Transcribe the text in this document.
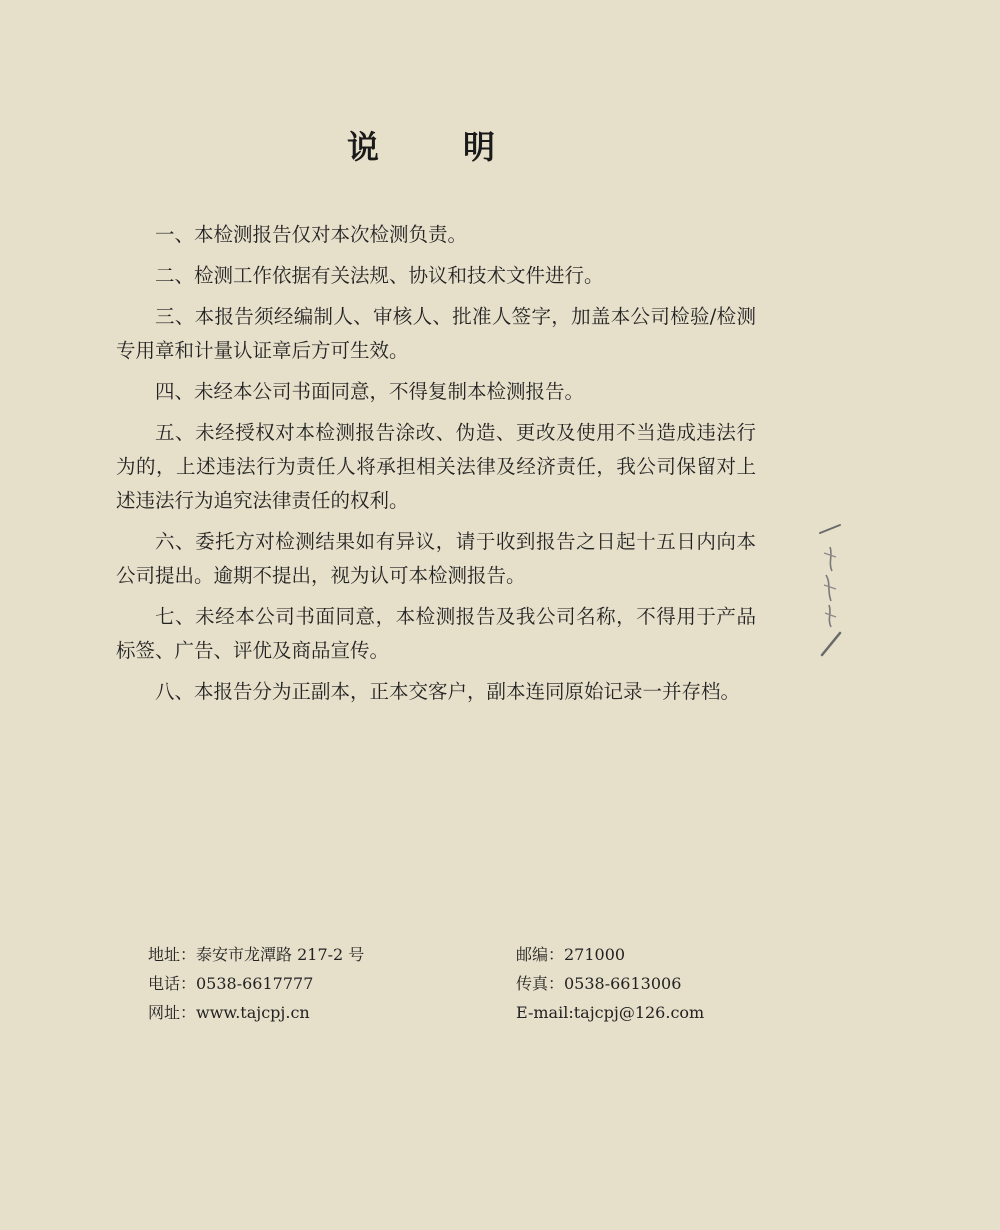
说　明

一、本检测报告仅对本次检测负责。

二、检测工作依据有关法规、协议和技术文件进行。

三、本报告须经编制人、审核人、批准人签字，加盖本公司检验/检测专用章和计量认证章后方可生效。

四、未经本公司书面同意，不得复制本检测报告。

五、未经授权对本检测报告涂改、伪造、更改及使用不当造成违法行为的，上述违法行为责任人将承担相关法律及经济责任，我公司保留对上述违法行为追究法律责任的权利。

六、委托方对检测结果如有异议，请于收到报告之日起十五日内向本公司提出。逾期不提出，视为认可本检测报告。

七、未经本公司书面同意，本检测报告及我公司名称，不得用于产品标签、广告、评优及商品宣传。

八、本报告分为正副本，正本交客户，副本连同原始记录一并存档。

地址：泰安市龙潭路 217-2 号	邮编：271000
电话：0538-6617777	传真：0538-6613006
网址：www.tajcpj.cn	E-mail:tajcpj@126.com
